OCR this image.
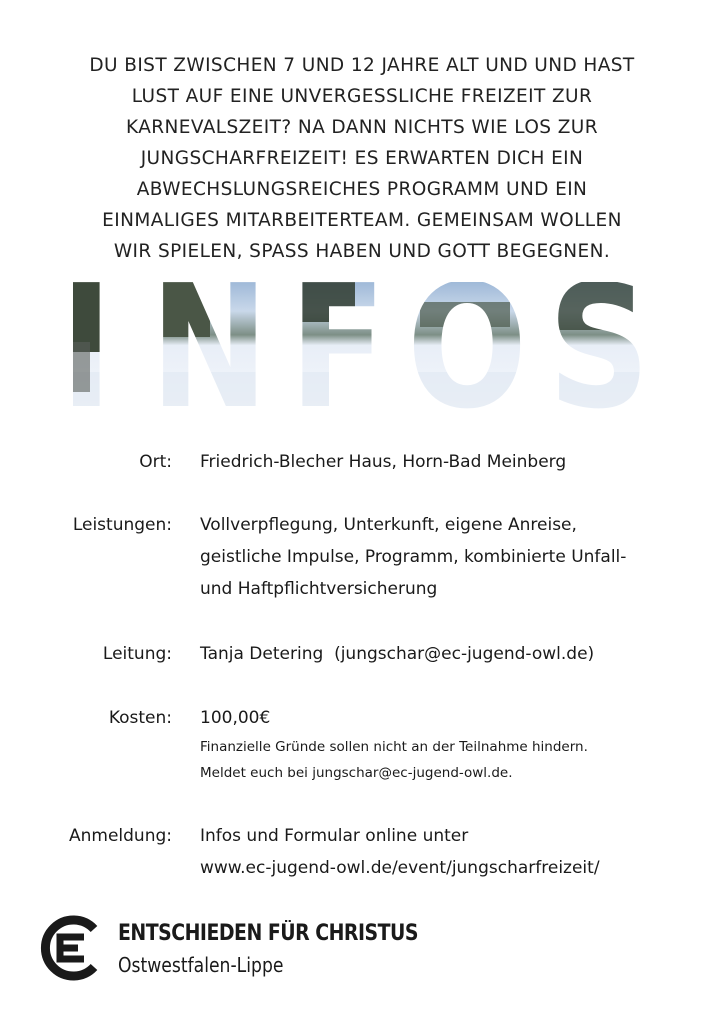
DU BIST ZWISCHEN 7 UND 12 JAHRE ALT UND UND HAST
LUST AUF EINE UNVERGESSLICHE FREIZEIT ZUR
KARNEVALSZEIT? NA DANN NICHTS WIE LOS ZUR
JUNGSCHARFREIZEIT! ES ERWARTEN DICH EIN
ABWECHSLUNGSREICHES PROGRAMM UND EIN
EINMALIGES MITARBEITERTEAM. GEMEINSAM WOLLEN
WIR SPIELEN, SPASS HABEN UND GOTT BEGEGNEN.
Ort: Friedrich-Blecher Haus, Horn-Bad Meinberg
Leistungen: Vollverpflegung, Unterkunft, eigene Anreise,
geistliche Impulse, Programm, kombinierte Unfall-
und Haftpflichtversicherung
Leitung: Tanja Detering  (jungschar@ec-jugend-owl.de)
Kosten: 100,00€
Finanzielle Gründe sollen nicht an der Teilnahme hindern.
Meldet euch bei jungschar@ec-jugend-owl.de.
Anmeldung: Infos und Formular online unter
www.ec-jugend-owl.de/event/jungscharfreizeit/
ENTSCHIEDEN FÜR CHRISTUS
Ostwestfalen-Lippe
